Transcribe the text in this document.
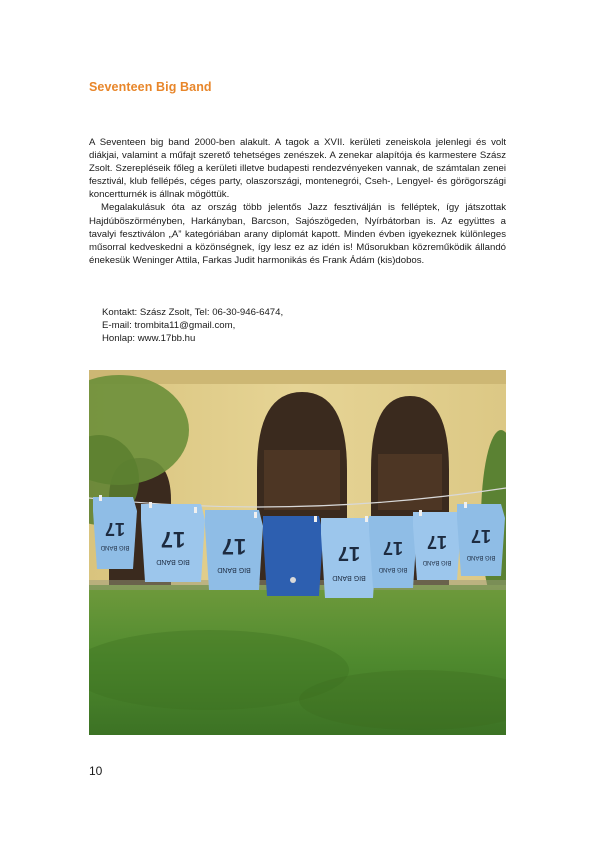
Seventeen Big Band

A Seventeen big band 2000-ben alakult. A tagok a XVII. kerületi zeneiskola jelenlegi és volt diákjai, valamint a műfajt szerető tehetséges zenészek. A zenekar alapítója és karmestere Szász Zsolt. Szerepléseik főleg a kerületi illetve budapesti rendezvényeken vannak, de számtalan zenei fesztivál, klub fellépés, céges party, olaszországi, montenegrói, Cseh-, Lengyel- és görögországi koncertturnék is állnak mögöttük.

Megalakulásuk óta az ország több jelentős Jazz fesztiválján is felléptek, így játszottak Hajdúböszörményben, Harkányban, Barcson, Sajószögeden, Nyírbátorban is. Az együttes a tavalyi fesztiválon „A” kategóriában arany diplomát kapott. Minden évben igyekeznek különleges műsorral kedveskedni a közönségnek, így lesz ez az idén is! Műsorukban közreműködik állandó énekesük Weninger Attila, Farkas Judit harmonikás és Frank Ádám (kis)dobos.

Kontakt: Szász Zsolt, Tel: 06-30-946-6474,
E-mail: trombita11@gmail.com,
Honlap: www.17bb.hu
17
BIG BAND 17
BIG BAND
17
BIG BAND
17
BIG BAND
17
BIG BAND
17
BIG BAND
17
BIG BAND
10
